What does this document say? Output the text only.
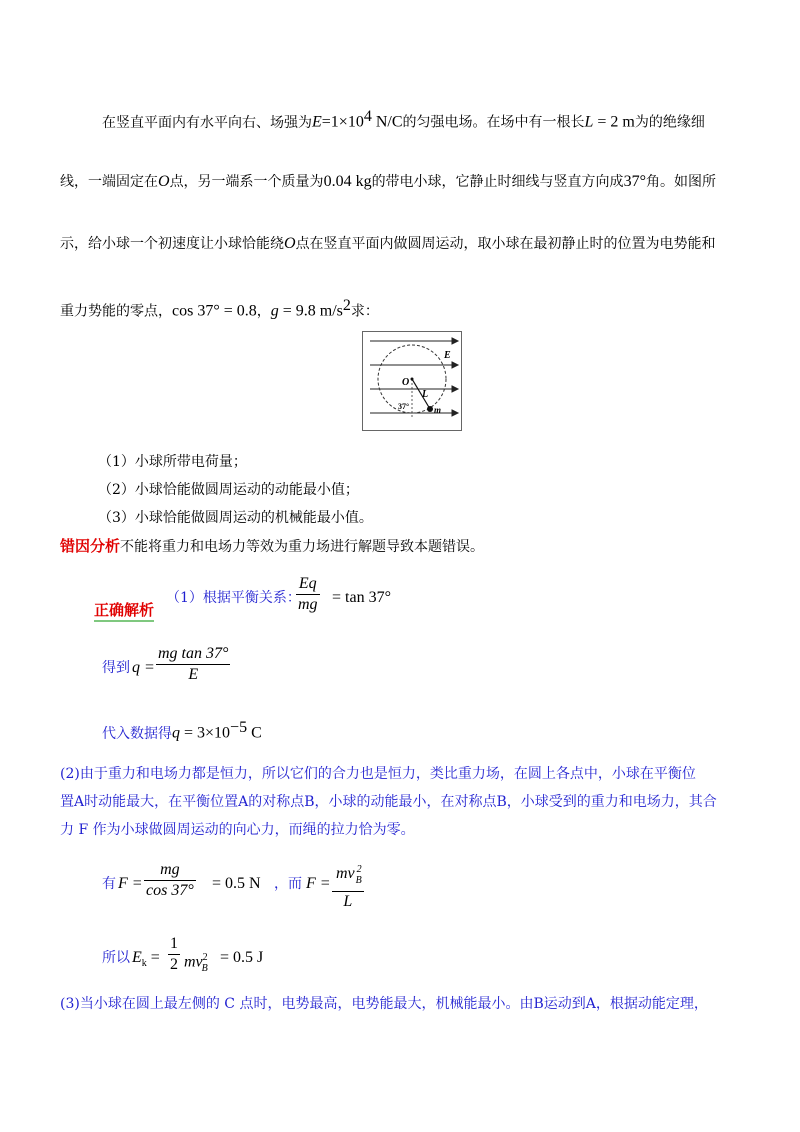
在竖直平面内有水平向右、场强为$E=1\times 10^4$ N/C的匀强电场。在场中有一根长L = 2 m为的绝缘细
线，一端固定在O点，另一端系一个质量为0.04 kg的带电小球，它静止时细线与竖直方向成37°角。如图所
示，给小球一个初速度让小球恰能绕O点在竖直平面内做圆周运动，取小球在最初静止时的位置为电势能和
重力势能的零点，cos 37° = 0.8，g = 9.8 $m/s^2$求：
E
O
L
37°	m
（1）小球所带电荷量；
（2）小球恰能做圆周运动的动能最小值；
（3）小球恰能做圆周运动的机械能最小值。
错因分析不能将重力和电场力等效为重力场进行解题导致本题错误。
正确解析
（1）根据平衡关系：
$\frac{Eq}{mg} = \tan 37^\circ$
得到 $q = \frac{\text{mg tan 37°}}{E}$
代入数据得$q = 3\times 10^{-5}$ C
(2)由于重力和电场力都是恒力，所以它们的合力也是恒力，类比重力场，在圆上各点中，小球在平衡位
置A时动能最大，在平衡位置A的对称点B，小球的动能最小，在对称点B，小球受到的重力和电场力，其合
力 F 作为小球做圆周运动的向心力，而绳的拉力恰为零。
有 $F = \frac{mg}{\cos 37^\circ} = 0.5$ N ，而 $F = \frac{mv ^2_B}{L}$
所以 $E_k = \frac{1}{2} mv^2_B$
= 0.5 J
(3)当小球在圆上最左侧的 C 点时，电势最高，电势能最大，机械能最小。由B运动到A，根据动能定理，
